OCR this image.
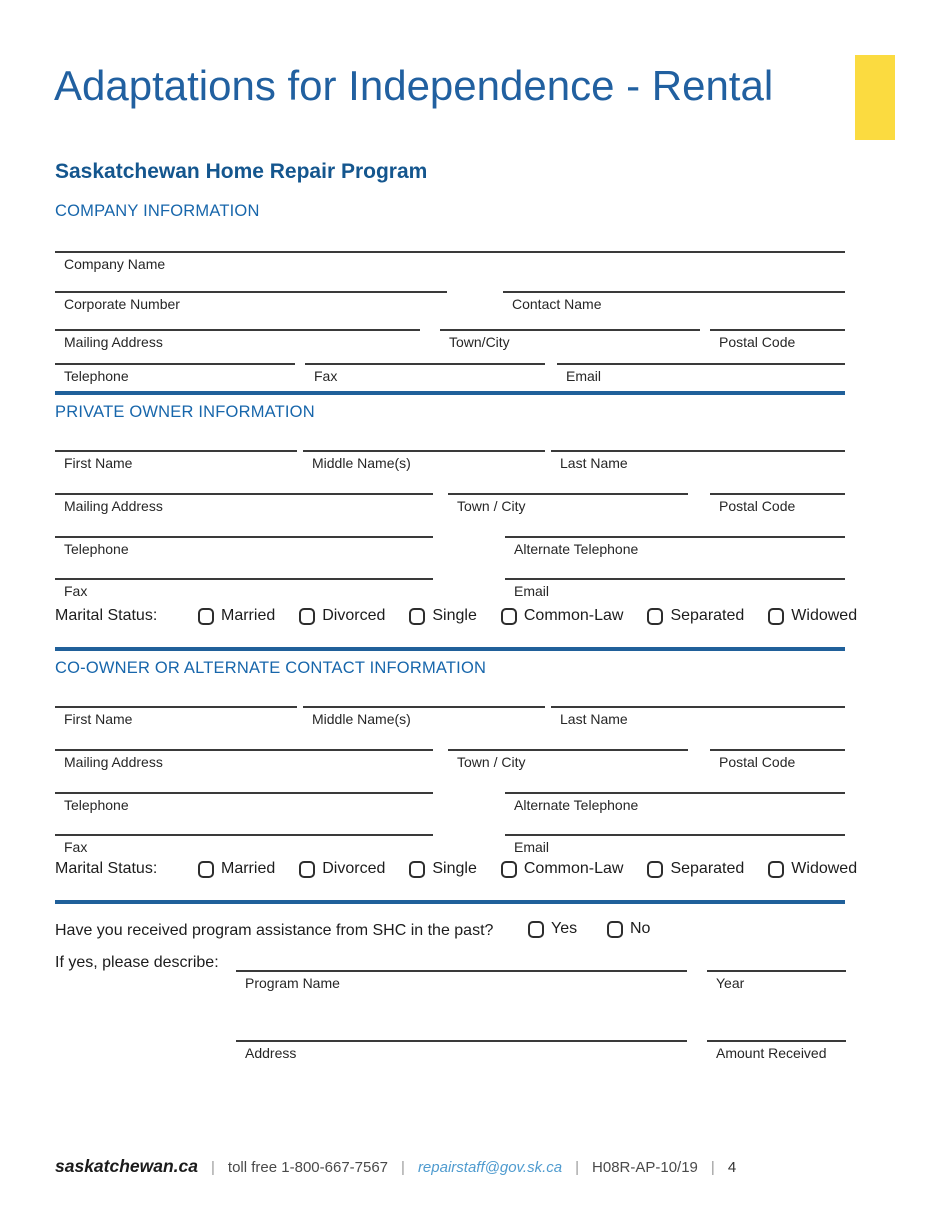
Adaptations for Independence - Rental
Saskatchewan Home Repair Program
COMPANY INFORMATION
Company Name
Corporate Number	Contact Name
Mailing Address	Town/City	Postal Code
Telephone	Fax	Email
PRIVATE OWNER INFORMATION
First Name	Middle Name(s)	Last Name
Mailing Address	Town / City	Postal Code
Telephone	Alternate Telephone
Fax	Email
Marital Status:	Married	Divorced	Single	Common-Law	Separated	Widowed
CO-OWNER OR ALTERNATE CONTACT INFORMATION
First Name	Middle Name(s)	Last Name
Mailing Address	Town / City	Postal Code
Telephone	Alternate Telephone
Fax	Email
Marital Status:	Married	Divorced	Single	Common-Law	Separated	Widowed
Have you received program assistance from SHC in the past?	Yes	No
If yes, please describe:
Program Name	Year
Address	Amount Received
saskatchewan.ca | toll free 1-800-667-7567 | repairstaff@gov.sk.ca | H08R-AP-10/19 | 4
